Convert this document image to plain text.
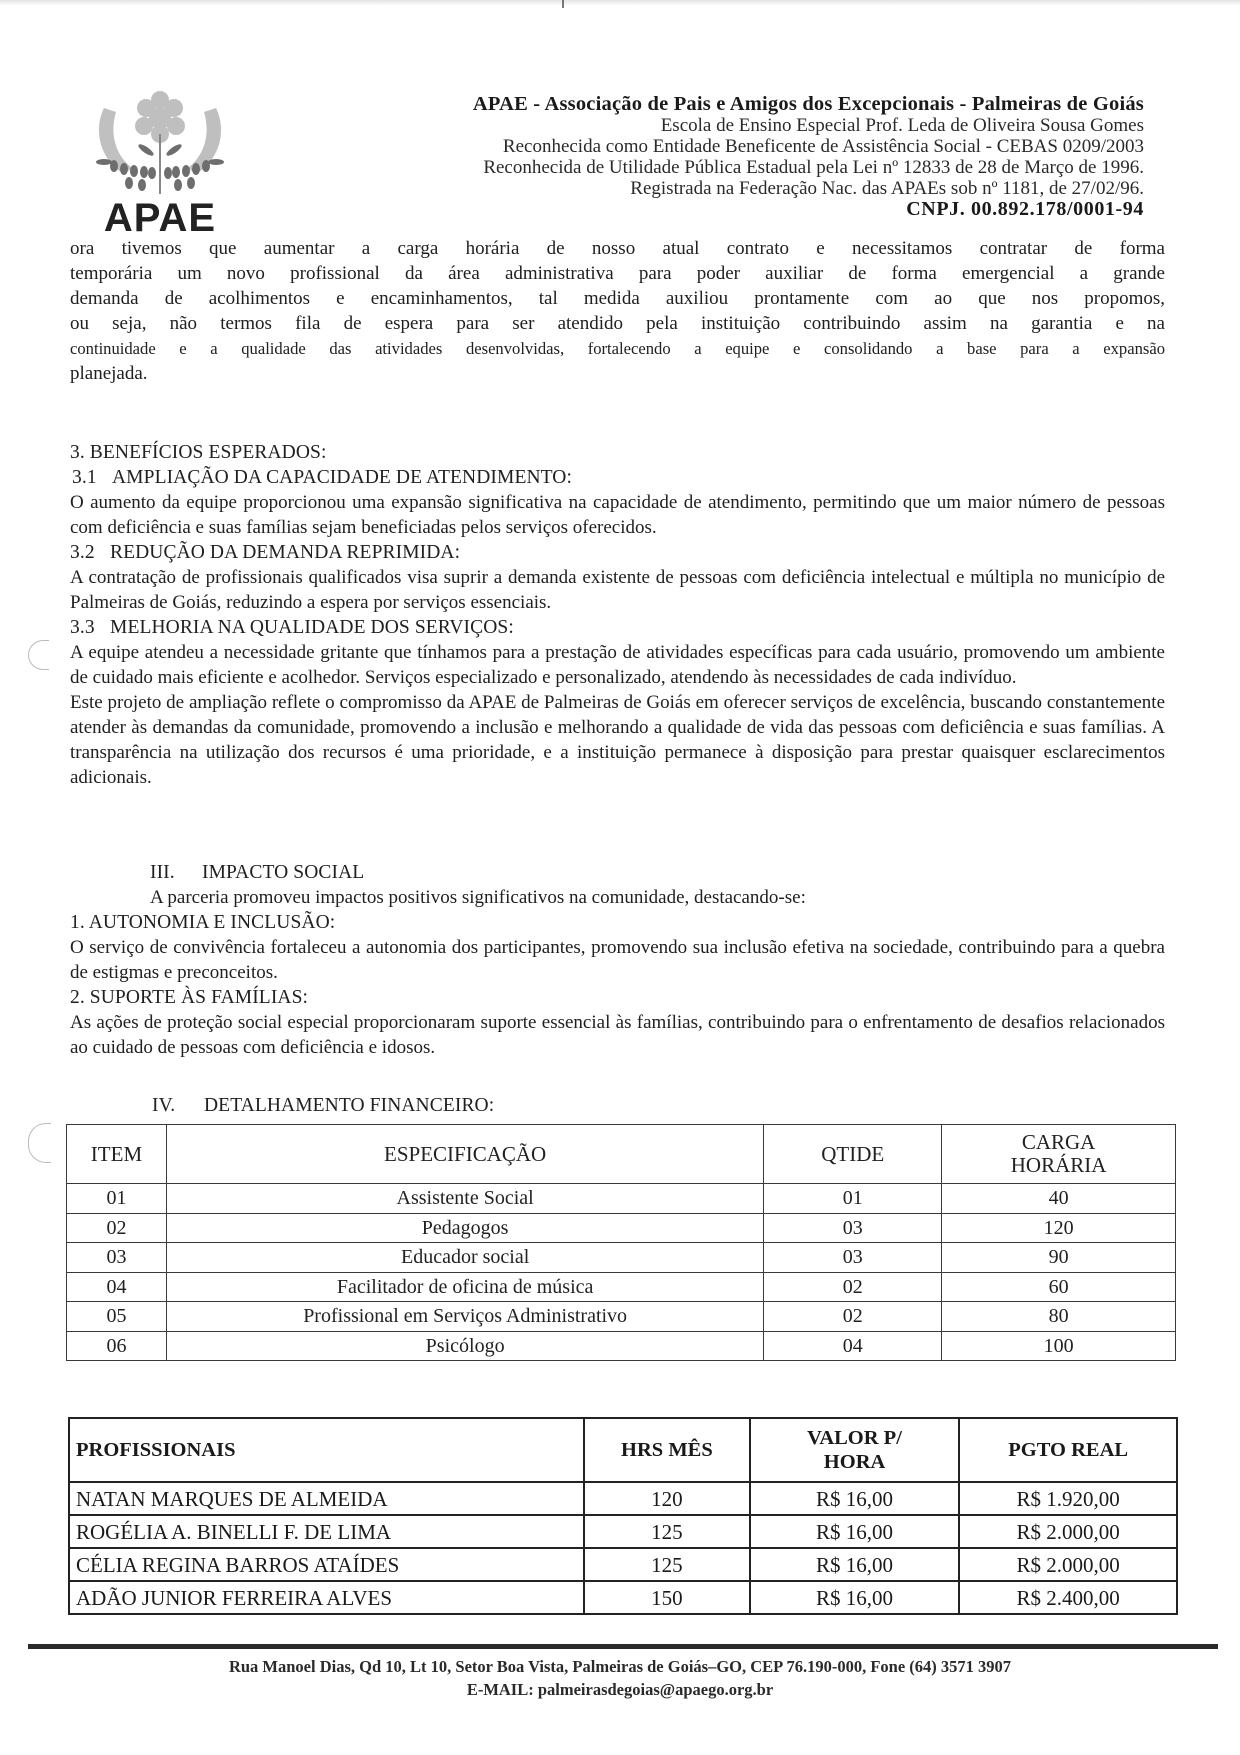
APAE
APAE - Associação de Pais e Amigos dos Excepcionais - Palmeiras de Goiás
Escola de Ensino Especial Prof. Leda de Oliveira Sousa Gomes
Reconhecida como Entidade Beneficente de Assistência Social - CEBAS 0209/2003
Reconhecida de Utilidade Pública Estadual pela Lei nº 12833 de 28 de Março de 1996.
Registrada na Federação Nac. das APAEs sob nº 1181, de 27/02/96.
CNPJ. 00.892.178/0001-94
ora tivemos que aumentar a carga horária de nosso atual contrato e necessitamos contratar de forma
temporária um novo profissional da área administrativa para poder auxiliar de forma emergencial a grande
demanda de acolhimentos e encaminhamentos, tal medida auxiliou prontamente com ao que nos propomos,
ou seja, não termos fila de espera para ser atendido pela instituição contribuindo assim na garantia e na
continuidade e a qualidade das atividades desenvolvidas, fortalecendo a equipe e consolidando a base para a expansão
planejada.
3. BENEFÍCIOS ESPERADOS:
3.1 AMPLIAÇÃO DA CAPACIDADE DE ATENDIMENTO:
O aumento da equipe proporcionou uma expansão significativa na capacidade de atendimento, permitindo que um maior número de pessoas com deficiência e suas famílias sejam beneficiadas pelos serviços oferecidos.
3.2 REDUÇÃO DA DEMANDA REPRIMIDA:
A contratação de profissionais qualificados visa suprir a demanda existente de pessoas com deficiência intelectual e múltipla no município de Palmeiras de Goiás, reduzindo a espera por serviços essenciais.
3.3 MELHORIA NA QUALIDADE DOS SERVIÇOS:
A equipe atendeu a necessidade gritante que tínhamos para a prestação de atividades específicas para cada usuário, promovendo um ambiente de cuidado mais eficiente e acolhedor. Serviços especializado e personalizado, atendendo às necessidades de cada indivíduo.
Este projeto de ampliação reflete o compromisso da APAE de Palmeiras de Goiás em oferecer serviços de excelência, buscando constantemente atender às demandas da comunidade, promovendo a inclusão e melhorando a qualidade de vida das pessoas com deficiência e suas famílias. A transparência na utilização dos recursos é uma prioridade, e a instituição permanece à disposição para prestar quaisquer esclarecimentos adicionais.
III. IMPACTO SOCIAL
A parceria promoveu impactos positivos significativos na comunidade, destacando-se:
1. AUTONOMIA E INCLUSÃO:
O serviço de convivência fortaleceu a autonomia dos participantes, promovendo sua inclusão efetiva na sociedade, contribuindo para a quebra de estigmas e preconceitos.
2. SUPORTE ÀS FAMÍLIAS:
As ações de proteção social especial proporcionaram suporte essencial às famílias, contribuindo para o enfrentamento de desafios relacionados ao cuidado de pessoas com deficiência e idosos.
IV. DETALHAMENTO FINANCEIRO:
ITEM	ESPECIFICAÇÃO	QTIDE	CARGA
HORÁRIA
01	Assistente Social	01	40
02	Pedagogos	03	120
03	Educador social	03	90
04	Facilitador de oficina de música	02	60
05	Profissional em Serviços Administrativo	02	80
06	Psicólogo	04	100
PROFISSIONAIS	HRS MÊS	VALOR P/
HORA	PGTO REAL
NATAN MARQUES DE ALMEIDA	120	R$ 16,00	R$ 1.920,00
ROGÉLIA A. BINELLI F. DE LIMA	125	R$ 16,00	R$ 2.000,00
CÉLIA REGINA BARROS ATAÍDES	125	R$ 16,00	R$ 2.000,00
ADÃO JUNIOR FERREIRA ALVES	150	R$ 16,00	R$ 2.400,00
Rua Manoel Dias, Qd 10, Lt 10, Setor Boa Vista, Palmeiras de Goiás–GO, CEP 76.190-000, Fone (64) 3571 3907
E-MAIL: palmeirasdegoias@apaego.org.br
